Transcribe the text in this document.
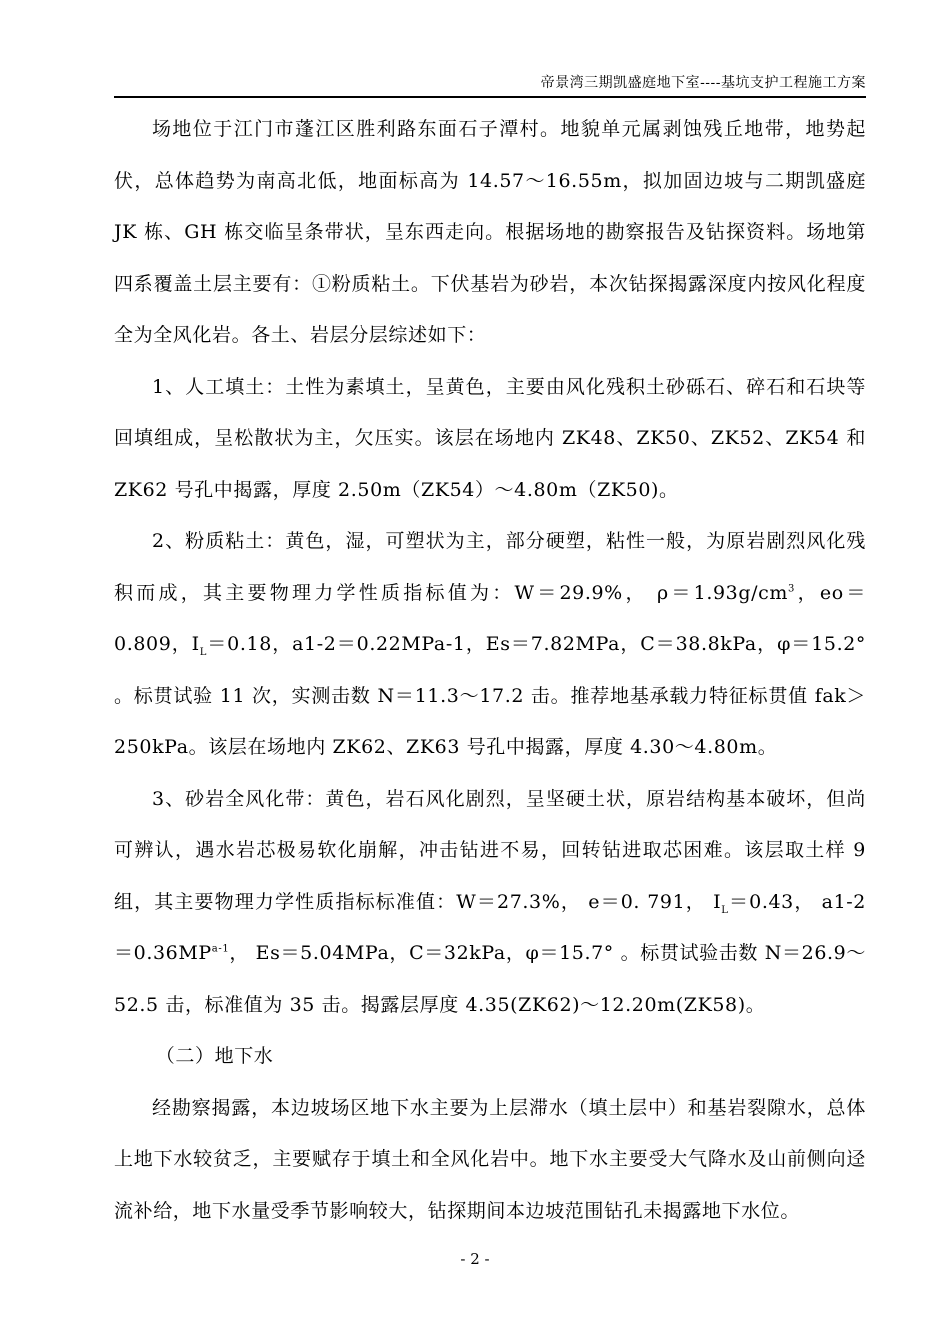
帝景湾三期凯盛庭地下室----基坑支护工程施工方案

场地位于江门市蓬江区胜利路东面石子潭村。地貌单元属剥蚀残丘地带，地势起伏，总体趋势为南高北低，地面标高为 14.57～16.55m，拟加固边坡与二期凯盛庭 JK 栋、GH 栋交临呈条带状，呈东西走向。根据场地的勘察报告及钻探资料。场地第四系覆盖土层主要有：①粉质粘土。下伏基岩为砂岩，本次钻探揭露深度内按风化程度全为全风化岩。各土、岩层分层综述如下：

1、人工填土：土性为素填土，呈黄色，主要由风化残积土砂砾石、碎石和石块等回填组成，呈松散状为主，欠压实。该层在场地内 ZK48、ZK50、ZK52、ZK54 和 ZK62 号孔中揭露，厚度 2.50m（ZK54）～4.80m（ZK50)。

2、粉质粘土：黄色，湿，可塑状为主，部分硬塑，粘性一般，为原岩剧烈风化残积而成，其主要物理力学性质指标值为：W＝29.9%， $\rho=1.93g/cm^3$，eo＝0.809，$I_L=0.18$，a1-2＝0.22MPa-1，Es＝7.82MPa，C＝38.8kPa，φ＝15.2° 。标贯试验 11 次，实测击数 N＝11.3～17.2 击。推荐地基承载力特征标贯值 fak＞250kPa。该层在场地内 ZK62、ZK63 号孔中揭露，厚度 4.30～4.80m。

3、砂岩全风化带：黄色，岩石风化剧烈，呈坚硬土状，原岩结构基本破坏，但尚可辨认，遇水岩芯极易软化崩解，冲击钻进不易，回转钻进取芯困难。该层取土样 9 组，其主要物理力学性质指标标准值：W＝27.3%， e＝0. 791， $I_L=0.43$， $a1-2=0.36MP^{a-1}$， Es＝5.04MPa，C＝32kPa，φ＝15.7° 。标贯试验击数 N＝26.9～52.5 击，标准值为 35 击。揭露层厚度 4.35(ZK62)～12.20m(ZK58)。

（二）地下水

经勘察揭露，本边坡场区地下水主要为上层滞水（填土层中）和基岩裂隙水，总体上地下水较贫乏，主要赋存于填土和全风化岩中。地下水主要受大气降水及山前侧向迳流补给，地下水量受季节影响较大，钻探期间本边坡范围钻孔未揭露地下水位。

- 2 -
